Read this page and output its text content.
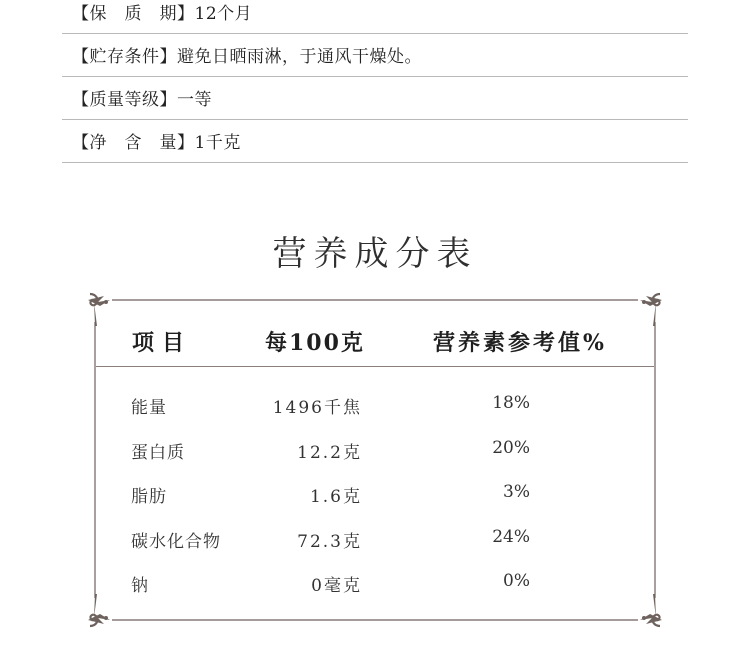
【保　质　期】12个月
【贮存条件】避免日晒雨淋，于通风干燥处。
【质量等级】一等
【净　含　量】1千克
营养成分表
项目	每100克	营养素参考值%
能量	1496千焦	18%
蛋白质	12.2克	20%
脂肪	1.6克	3%
碳水化合物	72.3克	24%
钠	0毫克	0%
